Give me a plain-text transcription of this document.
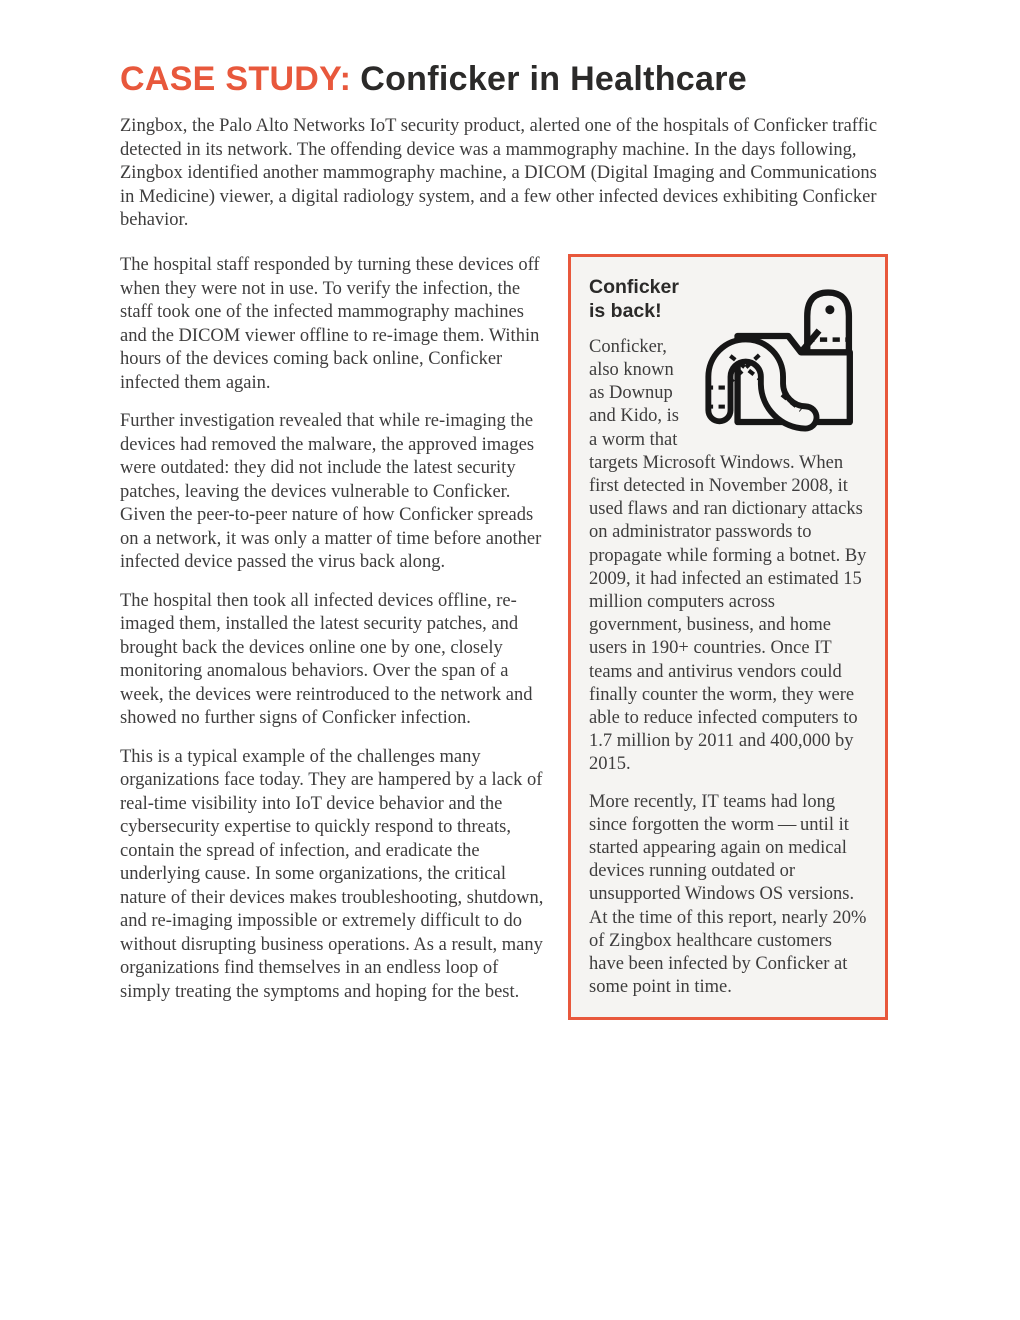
CASE STUDY: Conficker in Healthcare

Zingbox, the Palo Alto Networks IoT security product, alerted one of the hospitals of Conficker traffic detected in its network. The offending device was a mammography machine. In the days following, Zingbox identified another mammography machine, a DICOM (Digital Imaging and Communications in Medicine) viewer, a digital radiology system, and a few other infected devices exhibiting Conficker behavior.

The hospital staff responded by turning these devices off when they were not in use. To verify the infection, the staff took one of the infected mammography machines and the DICOM viewer offline to re-image them. Within hours of the devices coming back online, Conficker infected them again.

Further investigation revealed that while re-imaging the devices had removed the malware, the approved images were outdated: they did not include the latest security patches, leaving the devices vulnerable to Conficker. Given the peer-to-peer nature of how Conficker spreads on a network, it was only a matter of time before another infected device passed the virus back along.

The hospital then took all infected devices offline, re-imaged them, installed the latest security patches, and brought back the devices online one by one, closely monitoring anomalous behaviors. Over the span of a week, the devices were reintroduced to the network and showed no further signs of Conficker infection.

This is a typical example of the challenges many organizations face today. They are hampered by a lack of real-time visibility into IoT device behavior and the cybersecurity expertise to quickly respond to threats, contain the spread of infection, and eradicate the underlying cause. In some organizations, the critical nature of their devices makes troubleshooting, shutdown, and re-imaging impossible or extremely difficult to do without disrupting business operations. As a result, many organizations find themselves in an endless loop of simply treating the symptoms and hoping for the best.

Conficker is back!

Conficker, also known as Downup and Kido, is a worm that targets Microsoft Windows. When first detected in November 2008, it used flaws and ran dictionary attacks on administrator passwords to propagate while forming a botnet. By 2009, it had infected an estimated 15 million computers across government, business, and home users in 190+ countries. Once IT teams and antivirus vendors could finally counter the worm, they were able to reduce infected computers to 1.7 million by 2011 and 400,000 by 2015.

More recently, IT teams had long since forgotten the worm — until it started appearing again on medical devices running outdated or unsupported Windows OS versions. At the time of this report, nearly 20% of Zingbox healthcare customers have been infected by Conficker at some point in time.
